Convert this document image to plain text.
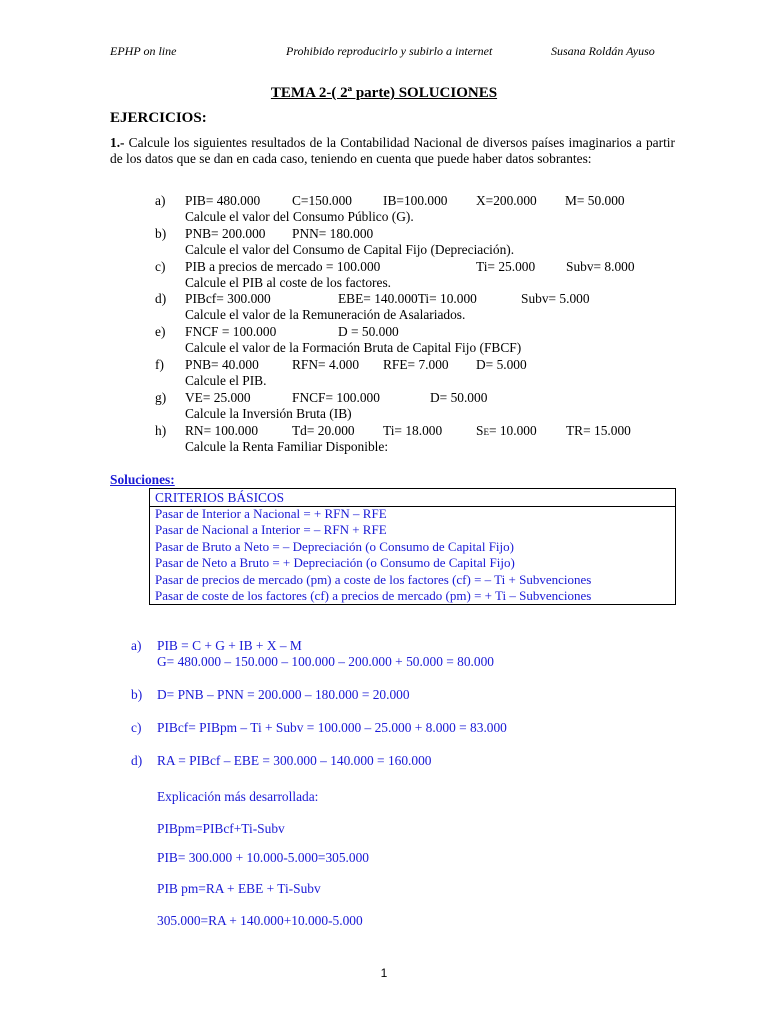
EPHP on line	Prohibido reproducirlo y subirlo a internet	Susana Roldán Ayuso
TEMA 2-( 2ª parte) SOLUCIONES
EJERCICIOS:
1.- Calcule los siguientes resultados de la Contabilidad Nacional de diversos países imaginarios a partir de los datos que se dan en cada caso, teniendo en cuenta que puede haber datos sobrantes:
a) PIB= 480.000 C=150.000 IB=100.000 X=200.000 M= 50.000
Calcule el valor del Consumo Público (G).
b) PNB= 200.000 PNN= 180.000
Calcule el valor del Consumo de Capital Fijo (Depreciación).
c) PIB a precios de mercado = 100.000	Ti= 25.000 Subv= 8.000
Calcule el PIB al coste de los factores.
d) PIBcf= 300.000	EBE= 140.000Ti= 10.000	Subv= 5.000
Calcule el valor de la Remuneración de Asalariados.
e) FNCF = 100.000	D = 50.000
Calcule el valor de la Formación Bruta de Capital Fijo (FBCF)
f) PNB= 40.000 RFN= 4.000 RFE= 7.000 D= 5.000
Calcule el PIB.
g) VE= 25.000	FNCF= 100.000	D= 50.000
Calcule la Inversión Bruta (IB)
h) RN= 100.000	Td= 20.000 Ti= 18.000	SE= 10.000 TR= 15.000
Calcule la Renta Familiar Disponible:
Soluciones:
CRITERIOS BÁSICOS
Pasar de Interior a Nacional = + RFN – RFE
Pasar de Nacional a Interior = – RFN + RFE
Pasar de Bruto a Neto = – Depreciación (o Consumo de Capital Fijo)
Pasar de Neto a Bruto = + Depreciación (o Consumo de Capital Fijo)
Pasar de precios de mercado (pm) a coste de los factores (cf) = – Ti + Subvenciones
Pasar de coste de los factores (cf) a precios de mercado (pm) = + Ti – Subvenciones
a) PIB = C + G + IB + X – M
G= 480.000 – 150.000 – 100.000 – 200.000 + 50.000 = 80.000
b) D= PNB – PNN = 200.000 – 180.000 = 20.000
c) PIBcf= PIBpm – Ti + Subv = 100.000 – 25.000 + 8.000 = 83.000
d) RA = PIBcf – EBE = 300.000 – 140.000 = 160.000
Explicación más desarrollada:
PIBpm=PIBcf+Ti-Subv
PIB= 300.000 + 10.000-5.000=305.000
PIB pm=RA + EBE + Ti-Subv
305.000=RA + 140.000+10.000-5.000
1
